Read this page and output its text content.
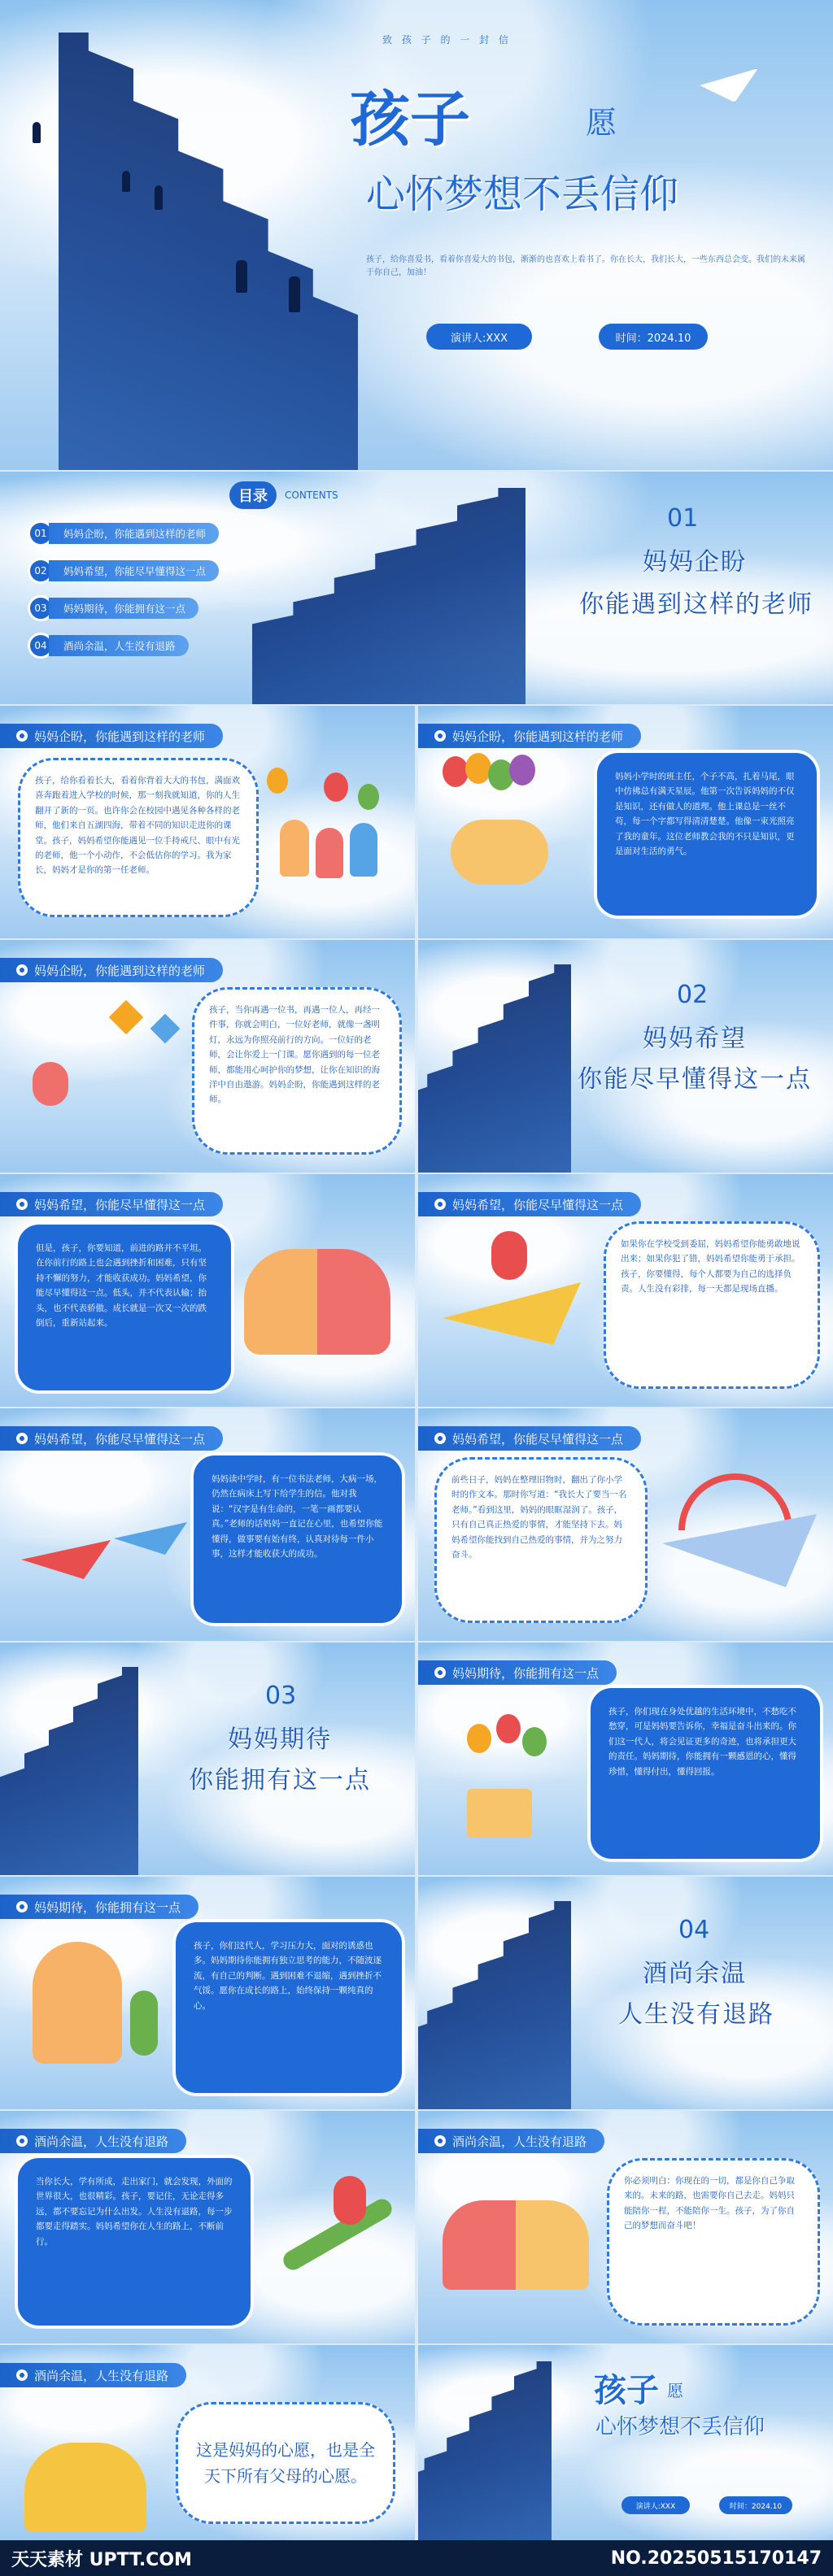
致 孩 子 的 一 封 信
孩子	愿
心怀梦想不丢信仰
孩子，给你喜爱书，看着你喜爱大的书包，渐渐的也喜欢上看书了。你在长大，我们长大，一些东西总会变。我们的未来属于你自己，加油！
演讲人:XXX	时间：2024.10
目录	CONTENTS
01	妈妈企盼，你能遇到这样的老师
02	妈妈希望，你能尽早懂得这一点
03	妈妈期待，你能拥有这一点
04	酒尚余温，人生没有退路
01
妈妈企盼
你能遇到这样的老师
妈妈企盼，你能遇到这样的老师

孩子，给你看着长大，看着你背着大大的书包，满面欢喜奔跑着进入学校的时候，那一刻我就知道，你的人生翻开了新的一页。也许你会在校园中遇见各种各样的老师，他们来自五湖四海，带着不同的知识走进你的课堂。孩子，妈妈希望你能遇见一位手持戒尺、眼中有光的老师，他一个小动作，不会低估你的学习。我为家长，妈妈才是你的第一任老师。

妈妈企盼，你能遇到这样的老师

妈妈小学时的班主任，个子不高，扎着马尾，眼中仿佛总有满天星辰。他第一次告诉妈妈的不仅是知识，还有做人的道理。他上课总是一丝不苟，每一个字都写得清清楚楚。他像一束光照亮了我的童年。这位老师教会我的不只是知识，更是面对生活的勇气。

妈妈企盼，你能遇到这样的老师

孩子，当你再遇一位书，再遇一位人，再经一件事，你就会明白，一位好老师，就像一盏明灯，永远为你照亮前行的方向。一位好的老师，会让你爱上一门课。愿你遇到的每一位老师，都能用心呵护你的梦想，让你在知识的海洋中自由遨游。妈妈企盼，你能遇到这样的老师。

02
妈妈希望
你能尽早懂得这一点
妈妈希望，你能尽早懂得这一点

但是，孩子，你要知道，前进的路并不平坦。在你前行的路上也会遇到挫折和困难，只有坚持不懈的努力，才能收获成功。妈妈希望，你能尽早懂得这一点。低头，并不代表认输；抬头，也不代表骄傲。成长就是一次又一次的跌倒后，重新站起来。

妈妈希望，你能尽早懂得这一点

如果你在学校受到委屈，妈妈希望你能勇敢地说出来；如果你犯了错，妈妈希望你能勇于承担。孩子，你要懂得，每个人都要为自己的选择负责。人生没有彩排，每一天都是现场直播。

妈妈希望，你能尽早懂得这一点

妈妈读中学时，有一位书法老师，大病一场，仍然在病床上写下给学生的信。他对我说：“汉字是有生命的，一笔一画都要认真。”老师的话妈妈一直记在心里，也希望你能懂得，做事要有始有终，认真对待每一件小事，这样才能收获大的成功。

妈妈希望，你能尽早懂得这一点

前些日子，妈妈在整理旧物时，翻出了你小学时的作文本。那时你写道：“我长大了要当一名老师。”看到这里，妈妈的眼眶湿润了。孩子，只有自己真正热爱的事情，才能坚持下去。妈妈希望你能找到自己热爱的事情，并为之努力奋斗。

03
妈妈期待
你能拥有这一点
妈妈期待，你能拥有这一点

孩子，你们现在身处优越的生活环境中，不愁吃不愁穿，可是妈妈要告诉你，幸福是奋斗出来的。你们这一代人，将会见证更多的奇迹，也将承担更大的责任。妈妈期待，你能拥有一颗感恩的心，懂得珍惜，懂得付出，懂得回报。

妈妈期待，你能拥有这一点

孩子，你们这代人，学习压力大，面对的诱惑也多。妈妈期待你能拥有独立思考的能力，不随波逐流，有自己的判断。遇到困难不退缩，遇到挫折不气馁。愿你在成长的路上，始终保持一颗纯真的心。

04
酒尚余温
人生没有退路
酒尚余温，人生没有退路

当你长大，学有所成，走出家门，就会发现，外面的世界很大，也很精彩。孩子，要记住，无论走得多远，都不要忘记为什么出发。人生没有退路，每一步都要走得踏实。妈妈希望你在人生的路上，不断前行。

酒尚余温，人生没有退路

你必须明白：你现在的一切，都是你自己争取来的。未来的路，也需要你自己去走。妈妈只能陪你一程，不能陪你一生。孩子，为了你自己的梦想而奋斗吧！

酒尚余温，人生没有退路

这是妈妈的心愿，也是全天下所有父母的心愿。

孩子 愿
心怀梦想不丢信仰
演讲人:XXX	时间：2024.10
天天素材 UPTT.COM	NO.20250515170147
